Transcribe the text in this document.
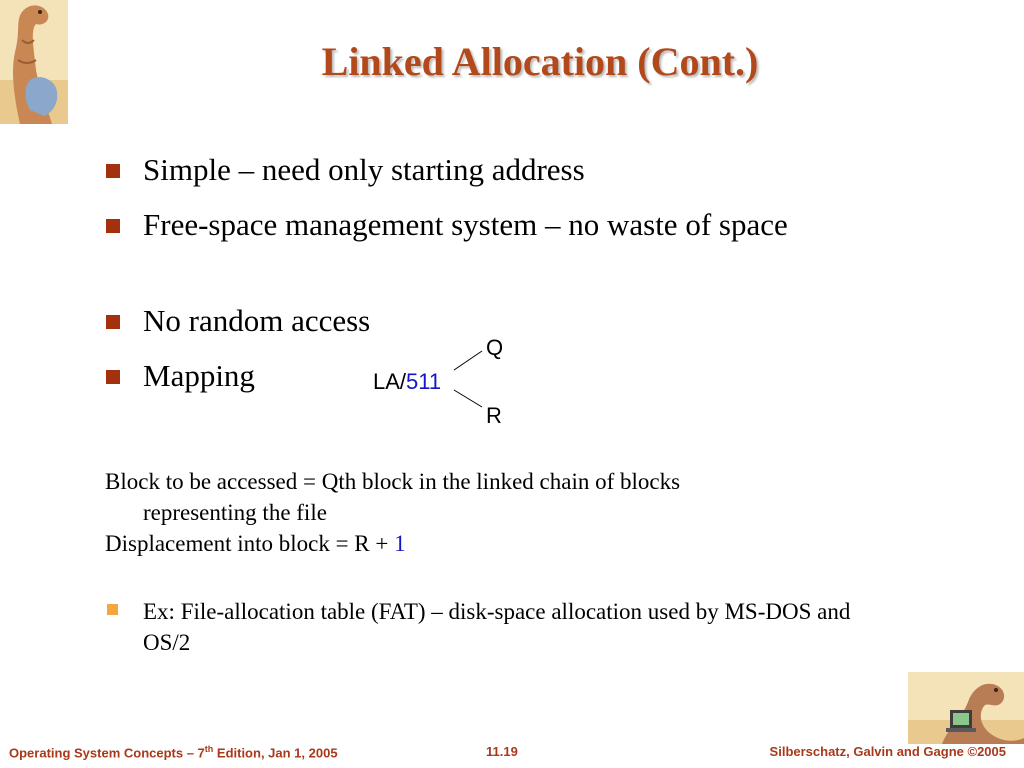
Linked Allocation (Cont.)
Simple – need only starting address
Free-space management system – no waste of space
No random access
Mapping	LA/511
Q
R
Block to be accessed = Qth block in the linked chain of blocks
representing the file
Displacement into block = R + 1
Ex: File-allocation table (FAT) – disk-space allocation used by MS-DOS and OS/2
Operating System Concepts – 7th Edition, Jan 1, 2005	11.19	Silberschatz, Galvin and Gagne ©2005
